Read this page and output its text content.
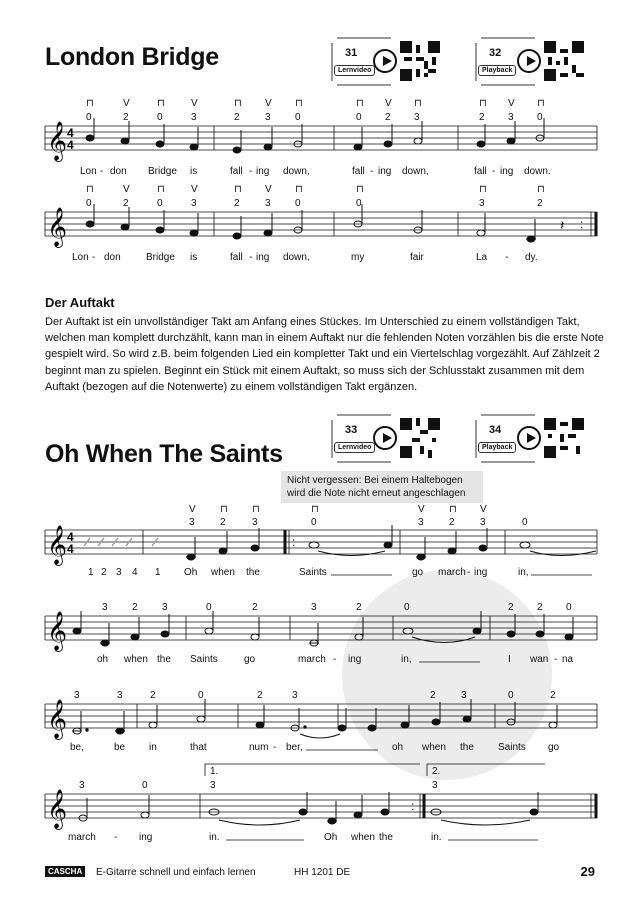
London Bridge	31
Lernvideo
32
Playback
⊓	V	⊓	V	⊓ V ⊓	⊓ V ⊓	⊓ V ⊓
0	2	0	3	2	3 0	0 2 3	2 3 0
𝄞 4
4
Lon - don Bridge is	fall - ing down,	fall - ing down,	fall - ing down.
⊓	V	⊓	V	⊓ V ⊓	⊓	⊓	⊓
0	2	0	3	2	3 0	0	3	2
𝄞	𝄽 :
Lon - don	Bridge is	fall - ing down,	my	fair	La - dy.
Der Auftakt

Der Auftakt ist ein unvollständiger Takt am Anfang eines Stückes. Im Unterschied zu einem vollständigen Takt, welchen man komplett durchzählt, kann man in einem Auftakt nur die fehlenden Noten vorzählen bis die erste Note gespielt wird. So wird z.B. beim folgenden Lied ein kompletter Takt und ein Viertelschlag vorgezählt. Auf Zählzeit 2 beginnt man zu spielen. Beginnt ein Stück mit einem Auftakt, so muss sich der Schlusstakt zusammen mit dem Auftakt (bezogen auf die Notenwerte) zu einem vollständigen Takt ergänzen.

Oh When The Saints
33
Lernvideo
34
Playback
Nicht vergessen: Bei einem Haltebogen wird die Note nicht erneut angeschlagen
V ⊓ ⊓	⊓	V ⊓ V
3	2	3	0	3	2	3	0
𝄞 4
4	:
1 2 3 4 1 Oh when the	Saints	go march - ing	in,
3 2 3	0	2	3	2	0	2 2 0
𝄞
oh when the Saints	go	march - ing	in,	I wan - na
3	3	2	0	2	3	2	3	0	2
𝄞
be,	be in	that	num - ber,	oh when the Saints go
1.	2.
3	0	3	3
𝄞	:
march - ing	in.	Oh when the	in.
CASCHA	E-Gitarre schnell und einfach lernen	HH 1201 DE	29
